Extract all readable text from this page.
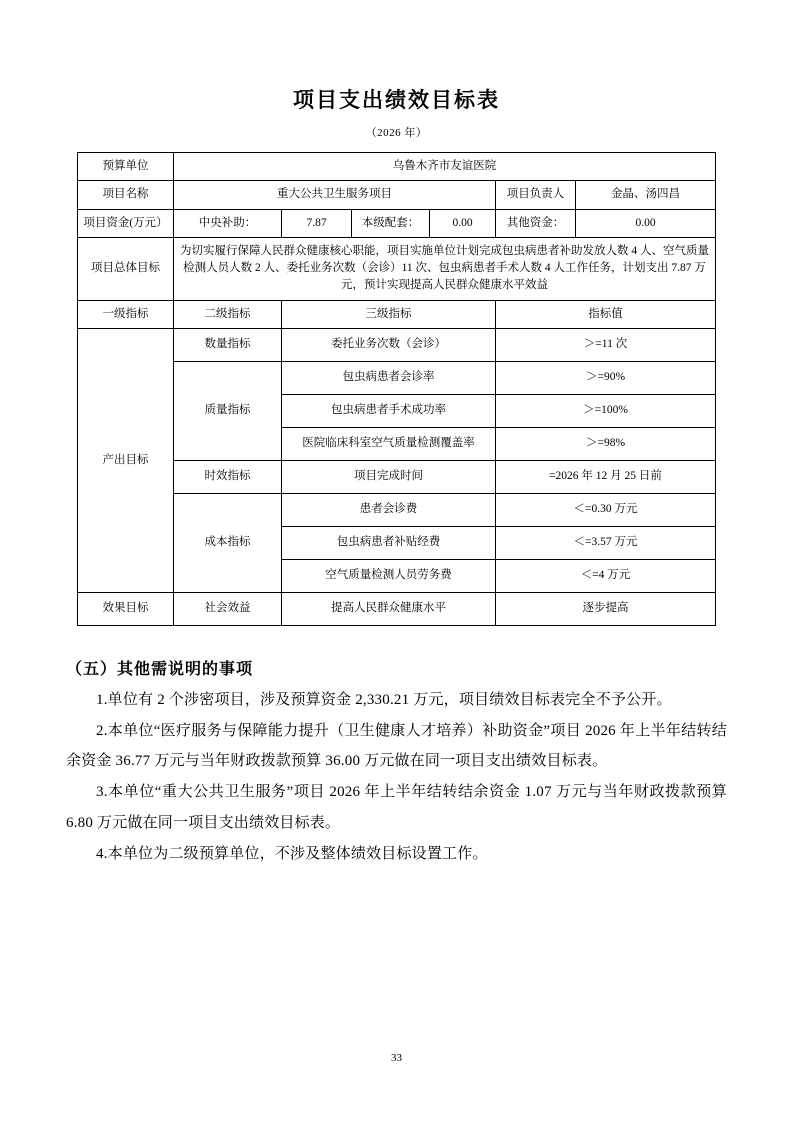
项目支出绩效目标表
（2026 年）
预算单位	乌鲁木齐市友谊医院					
项目名称	重大公共卫生服务项目				项目负责人	金晶、汤四昌
项目资金(万元）	中央补助：	7.87	本级配套：	0.00	其他资金：	0.00
项目总体目标	为切实履行保障人民群众健康核心职能，项目实施单位计划完成包虫病患者补助发放人数 4 人、空气质量检测人员人数 2 人、委托业务次数（会诊）11 次、包虫病患者手术人数 4 人工作任务，计划支出 7.87 万元，预计实现提高人民群众健康水平效益					
一级指标	二级指标	三级指标			指标值	
产出目标	数量指标	委托业务次数（会诊）			＞=11 次	
	质量指标	包虫病患者会诊率			＞=90%	
		包虫病患者手术成功率			＞=100%	
		医院临床科室空气质量检测覆盖率			＞=98%	
	时效指标	项目完成时间			=2026 年 12 月 25 日前	
	成本指标	患者会诊费			＜=0.30 万元	
		包虫病患者补贴经费			＜=3.57 万元	
		空气质量检测人员劳务费			＜=4 万元	
效果目标	社会效益	提高人民群众健康水平			逐步提高	
（五）其他需说明的事项

1.单位有 2 个涉密项目，涉及预算资金 2,330.21 万元，项目绩效目标表完全不予公开。

2.本单位“医疗服务与保障能力提升（卫生健康人才培养）补助资金”项目 2026 年上半年结转结余资金 36.77 万元与当年财政拨款预算 36.00 万元做在同一项目支出绩效目标表。

3.本单位“重大公共卫生服务”项目 2026 年上半年结转结余资金 1.07 万元与当年财政拨款预算 6.80 万元做在同一项目支出绩效目标表。

4.本单位为二级预算单位，不涉及整体绩效目标设置工作。

33
